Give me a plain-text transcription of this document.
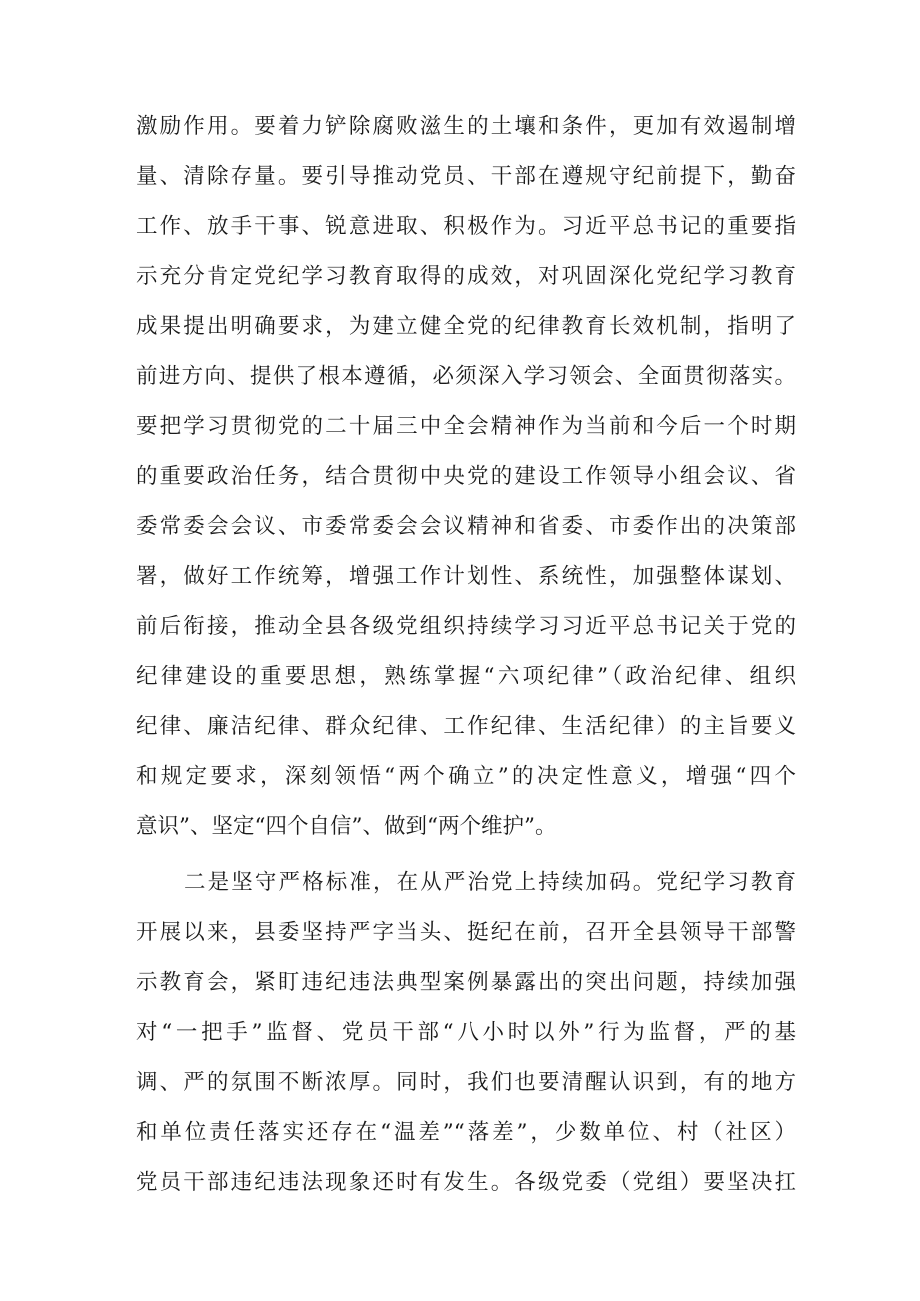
激励作用。要着力铲除腐败滋生的土壤和条件，更加有效遏制增
量、清除存量。要引导推动党员、干部在遵规守纪前提下，勤奋
工作、放手干事、锐意进取、积极作为。习近平总书记的重要指
示充分肯定党纪学习教育取得的成效，对巩固深化党纪学习教育
成果提出明确要求，为建立健全党的纪律教育长效机制，指明了
前进方向、提供了根本遵循，必须深入学习领会、全面贯彻落实。
要把学习贯彻党的二十届三中全会精神作为当前和今后一个时期
的重要政治任务，结合贯彻中央党的建设工作领导小组会议、省
委常委会会议、市委常委会会议精神和省委、市委作出的决策部
署，做好工作统筹，增强工作计划性、系统性，加强整体谋划、
前后衔接，推动全县各级党组织持续学习习近平总书记关于党的
纪律建设的重要思想，熟练掌握“六项纪律”（政治纪律、组织
纪律、廉洁纪律、群众纪律、工作纪律、生活纪律）的主旨要义
和规定要求，深刻领悟“两个确立”的决定性意义，增强“四个
意识”、坚定“四个自信”、做到“两个维护”。
二是坚守严格标准，在从严治党上持续加码。党纪学习教育
开展以来，县委坚持严字当头、挺纪在前，召开全县领导干部警
示教育会，紧盯违纪违法典型案例暴露出的突出问题，持续加强
对“一把手”监督、党员干部“八小时以外”行为监督，严的基
调、严的氛围不断浓厚。同时，我们也要清醒认识到，有的地方
和单位责任落实还存在“温差”“落差”，少数单位、村（社区）
党员干部违纪违法现象还时有发生。各级党委（党组）要坚决扛
